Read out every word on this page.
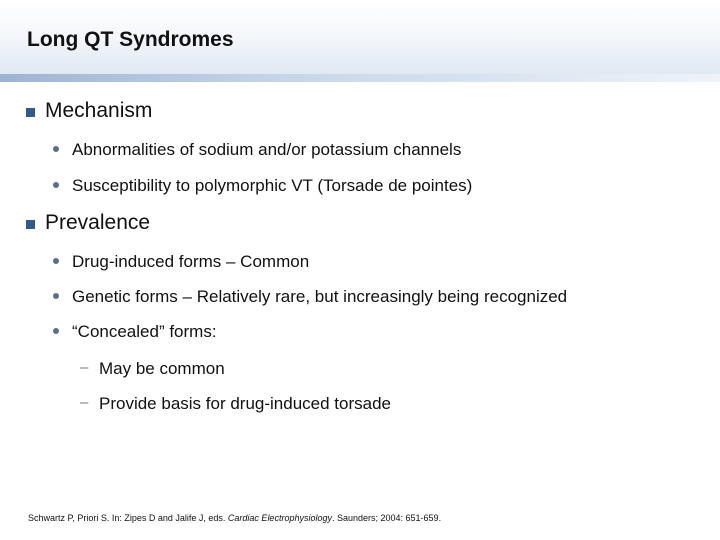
Long QT Syndromes
Mechanism
Abnormalities of sodium and/or potassium channels
Susceptibility to polymorphic VT (Torsade de pointes)
Prevalence
Drug-induced forms – Common
Genetic forms – Relatively rare, but increasingly being recognized
“Concealed” forms:
– May be common
– Provide basis for drug-induced torsade
Schwartz P, Priori S. In: Zipes D and Jalife J, eds. Cardiac Electrophysiology. Saunders; 2004: 651-659.
